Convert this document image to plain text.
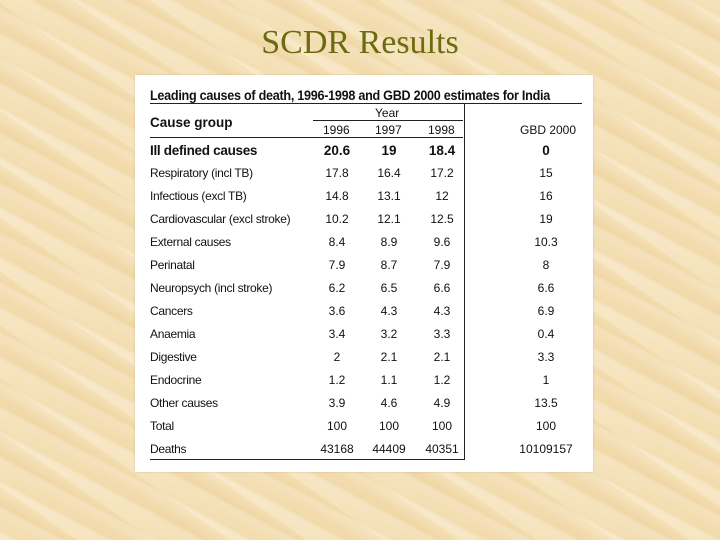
SCDR Results
Leading causes of death, 1996-1998 and GBD 2000 estimates for India
Year
Cause group	1996 1997 1998	GBD 2000
Ill defined causes	20.6	19	18.4	0
Respiratory (incl TB)	17.8	16.4	17.2	15
Infectious (excl TB)	14.8	13.1	12	16
Cardiovascular (excl stroke)	10.2	12.1	12.5	19
External causes	8.4	8.9	9.6	10.3
Perinatal	7.9	8.7	7.9	8
Neuropsych (incl stroke)	6.2	6.5	6.6	6.6
Cancers	3.6	4.3	4.3	6.9
Anaemia	3.4	3.2	3.3	0.4
Digestive	2	2.1	2.1	3.3
Endocrine	1.2	1.1	1.2	1
Other causes	3.9	4.6	4.9	13.5
Total	100	100	100	100
Deaths	43168	44409	40351	10109157
